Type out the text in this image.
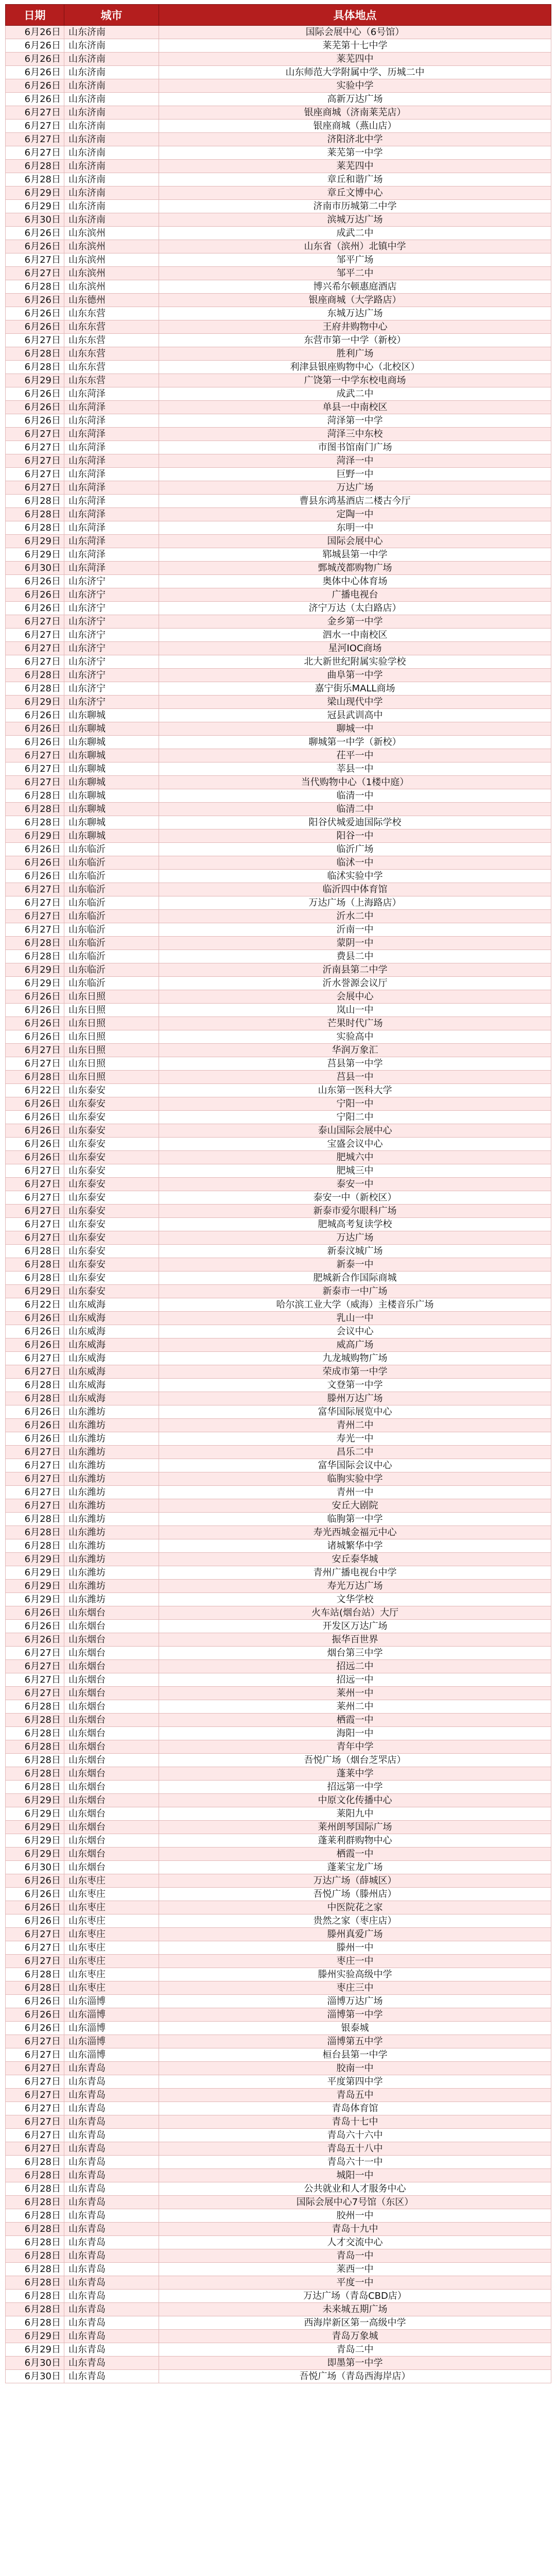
日期	城市	具体地点
6月26日	山东济南	国际会展中心（6号馆）
6月26日	山东济南	莱芜第十七中学
6月26日	山东济南	莱芜四中
6月26日	山东济南	山东师范大学附属中学、历城二中
6月26日	山东济南	实验中学
6月26日	山东济南	高新万达广场
6月27日	山东济南	银座商城（济南莱芜店）
6月27日	山东济南	银座商城（燕山店）
6月27日	山东济南	济阳济北中学
6月27日	山东济南	莱芜第一中学
6月28日	山东济南	莱芜四中
6月28日	山东济南	章丘和谐广场
6月29日	山东济南	章丘文博中心
6月29日	山东济南	济南市历城第二中学
6月30日	山东济南	滨城万达广场
6月26日	山东滨州	成武二中
6月26日	山东滨州	山东省（滨州）北镇中学
6月27日	山东滨州	邹平广场
6月27日	山东滨州	邹平二中
6月28日	山东滨州	博兴希尔顿惠庭酒店
6月26日	山东德州	银座商城（大学路店）
6月26日	山东东营	东城万达广场
6月26日	山东东营	王府井购物中心
6月27日	山东东营	东营市第一中学（新校）
6月28日	山东东营	胜利广场
6月28日	山东东营	利津县银座购物中心（北校区）
6月29日	山东东营	广饶第一中学东校电商场
6月26日	山东菏泽	成武二中
6月26日	山东菏泽	单县一中南校区
6月26日	山东菏泽	菏泽第一中学
6月27日	山东菏泽	菏泽三中东校
6月27日	山东菏泽	市图书馆南门广场
6月27日	山东菏泽	菏泽一中
6月27日	山东菏泽	巨野一中
6月27日	山东菏泽	万达广场
6月28日	山东菏泽	曹县东鸿基酒店二楼古今厅
6月28日	山东菏泽	定陶一中
6月28日	山东菏泽	东明一中
6月29日	山东菏泽	国际会展中心
6月29日	山东菏泽	郓城县第一中学
6月30日	山东菏泽	鄄城茂都购物广场
6月26日	山东济宁	奥体中心体育场
6月26日	山东济宁	广播电视台
6月26日	山东济宁	济宁万达（太白路店）
6月27日	山东济宁	金乡第一中学
6月27日	山东济宁	泗水一中南校区
6月27日	山东济宁	星河IOC商场
6月27日	山东济宁	北大新世纪附属实验学校
6月28日	山东济宁	曲阜第一中学
6月28日	山东济宁	嘉宁街乐MALL商场
6月29日	山东济宁	梁山现代中学
6月26日	山东聊城	冠县武训高中
6月26日	山东聊城	聊城一中
6月26日	山东聊城	聊城第一中学（新校）
6月27日	山东聊城	茌平一中
6月27日	山东聊城	莘县一中
6月27日	山东聊城	当代购物中心（1楼中庭）
6月28日	山东聊城	临清一中
6月28日	山东聊城	临清二中
6月28日	山东聊城	阳谷伏城爱迪国际学校
6月29日	山东聊城	阳谷一中
6月26日	山东临沂	临沂广场
6月26日	山东临沂	临沭一中
6月26日	山东临沂	临沭实验中学
6月27日	山东临沂	临沂四中体育馆
6月27日	山东临沂	万达广场（上海路店）
6月27日	山东临沂	沂水二中
6月27日	山东临沂	沂南一中
6月28日	山东临沂	蒙阴一中
6月28日	山东临沂	费县二中
6月29日	山东临沂	沂南县第二中学
6月29日	山东临沂	沂水誉源会议厅
6月26日	山东日照	会展中心
6月26日	山东日照	岚山一中
6月26日	山东日照	芒果时代广场
6月26日	山东日照	实验高中
6月27日	山东日照	华润万象汇
6月27日	山东日照	莒县第一中学
6月28日	山东日照	莒县一中
6月22日	山东泰安	山东第一医科大学
6月26日	山东泰安	宁阳一中
6月26日	山东泰安	宁阳二中
6月26日	山东泰安	泰山国际会展中心
6月26日	山东泰安	宝盛会议中心
6月26日	山东泰安	肥城六中
6月27日	山东泰安	肥城三中
6月27日	山东泰安	泰安一中
6月27日	山东泰安	泰安一中（新校区）
6月27日	山东泰安	新泰市爱尔眼科广场
6月27日	山东泰安	肥城高考复读学校
6月27日	山东泰安	万达广场
6月28日	山东泰安	新泰汶城广场
6月28日	山东泰安	新泰一中
6月28日	山东泰安	肥城新合作国际商城
6月29日	山东泰安	新泰市一中广场
6月22日	山东威海	哈尔滨工业大学（威海）主楼音乐广场
6月26日	山东威海	乳山一中
6月26日	山东威海	会议中心
6月26日	山东威海	威高广场
6月27日	山东威海	九龙城购物广场
6月27日	山东威海	荣成市第一中学
6月28日	山东威海	文登第一中学
6月28日	山东威海	滕州万达广场
6月26日	山东潍坊	富华国际展览中心
6月26日	山东潍坊	青州二中
6月26日	山东潍坊	寿光一中
6月27日	山东潍坊	昌乐二中
6月27日	山东潍坊	富华国际会议中心
6月27日	山东潍坊	临朐实验中学
6月27日	山东潍坊	青州一中
6月27日	山东潍坊	安丘大剧院
6月28日	山东潍坊	临朐第一中学
6月28日	山东潍坊	寿光西城金福元中心
6月28日	山东潍坊	诸城繁华中学
6月29日	山东潍坊	安丘泰华城
6月29日	山东潍坊	青州广播电视台中学
6月29日	山东潍坊	寿光万达广场
6月29日	山东潍坊	文华学校
6月26日	山东烟台	火车站(烟台站）大厅
6月26日	山东烟台	开发区万达广场
6月26日	山东烟台	振华百世界
6月27日	山东烟台	烟台第三中学
6月27日	山东烟台	招远二中
6月27日	山东烟台	招远一中
6月27日	山东烟台	莱州一中
6月28日	山东烟台	莱州二中
6月28日	山东烟台	栖霞一中
6月28日	山东烟台	海阳一中
6月28日	山东烟台	青年中学
6月28日	山东烟台	吾悦广场（烟台芝罘店）
6月28日	山东烟台	蓬莱中学
6月28日	山东烟台	招远第一中学
6月29日	山东烟台	中原文化传播中心
6月29日	山东烟台	莱阳九中
6月29日	山东烟台	莱州朗琴国际广场
6月29日	山东烟台	蓬莱利群购物中心
6月29日	山东烟台	栖霞一中
6月30日	山东烟台	蓬莱宝龙广场
6月26日	山东枣庄	万达广场（薛城区）
6月26日	山东枣庄	吾悦广场（滕州店）
6月26日	山东枣庄	中医院花之家
6月26日	山东枣庄	贵然之家（枣庄店）
6月27日	山东枣庄	滕州真爱广场
6月27日	山东枣庄	滕州一中
6月27日	山东枣庄	枣庄一中
6月28日	山东枣庄	滕州实验高级中学
6月28日	山东枣庄	枣庄三中
6月26日	山东淄博	淄博万达广场
6月26日	山东淄博	淄博第一中学
6月26日	山东淄博	银泰城
6月27日	山东淄博	淄博第五中学
6月27日	山东淄博	桓台县第一中学
6月27日	山东青岛	胶南一中
6月27日	山东青岛	平度第四中学
6月27日	山东青岛	青岛五中
6月27日	山东青岛	青岛体育馆
6月27日	山东青岛	青岛十七中
6月27日	山东青岛	青岛六十六中
6月27日	山东青岛	青岛五十八中
6月28日	山东青岛	青岛六十一中
6月28日	山东青岛	城阳一中
6月28日	山东青岛	公共就业和人才服务中心
6月28日	山东青岛	国际会展中心7号馆（东区）
6月28日	山东青岛	胶州一中
6月28日	山东青岛	青岛十九中
6月28日	山东青岛	人才交流中心
6月28日	山东青岛	青岛一中
6月28日	山东青岛	莱西一中
6月28日	山东青岛	平度一中
6月28日	山东青岛	万达广场（青岛CBD店）
6月28日	山东青岛	未来城五期广场
6月28日	山东青岛	西海岸新区第一高级中学
6月29日	山东青岛	青岛万象城
6月29日	山东青岛	青岛二中
6月30日	山东青岛	即墨第一中学
6月30日	山东青岛	吾悦广场（青岛西海岸店）
